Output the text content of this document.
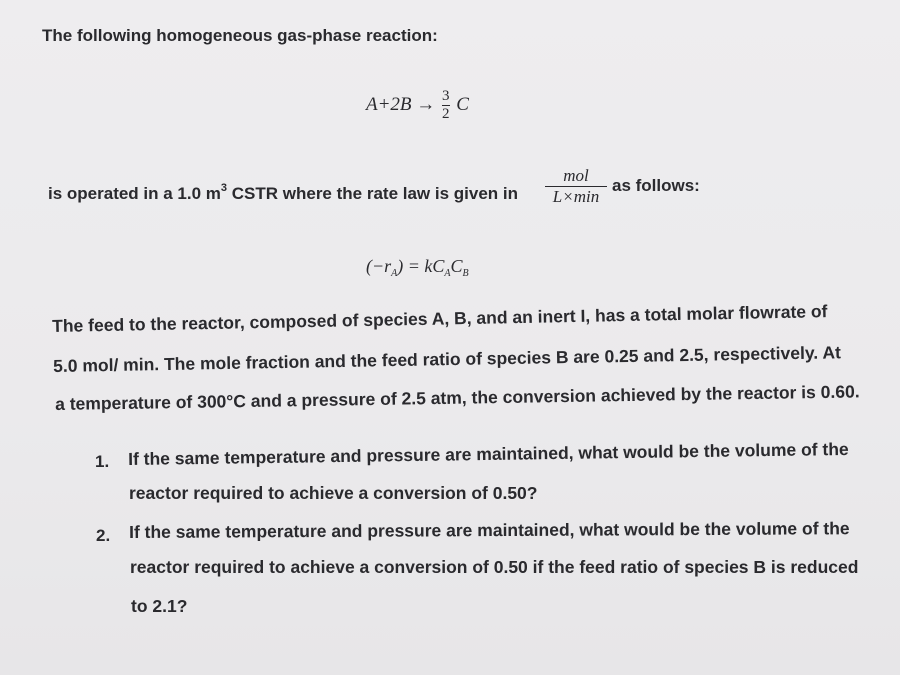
The following homogeneous gas-phase reaction:
$A+2B \to \frac{3}{2}$ C
is operated in a 1.0 $m^3$ CSTR where the rate law is given in $\frac{\text{mol}}{L\times\min}$ as follows:
$(-r_A) = kC_AC_B$
The feed to the reactor, composed of species A, B, and an inert I, has a total molar flowrate of
5.0 mol/ min. The mole fraction and the feed ratio of species B are 0.25 and 2.5, respectively. At
a temperature of 300°C and a pressure of 2.5 atm, the conversion achieved by the reactor is 0.60.
1. If the same temperature and pressure are maintained, what would be the volume of the
reactor required to achieve a conversion of 0.50?
2. If the same temperature and pressure are maintained, what would be the volume of the
reactor required to achieve a conversion of 0.50 if the feed ratio of species B is reduced
to 2.1?
